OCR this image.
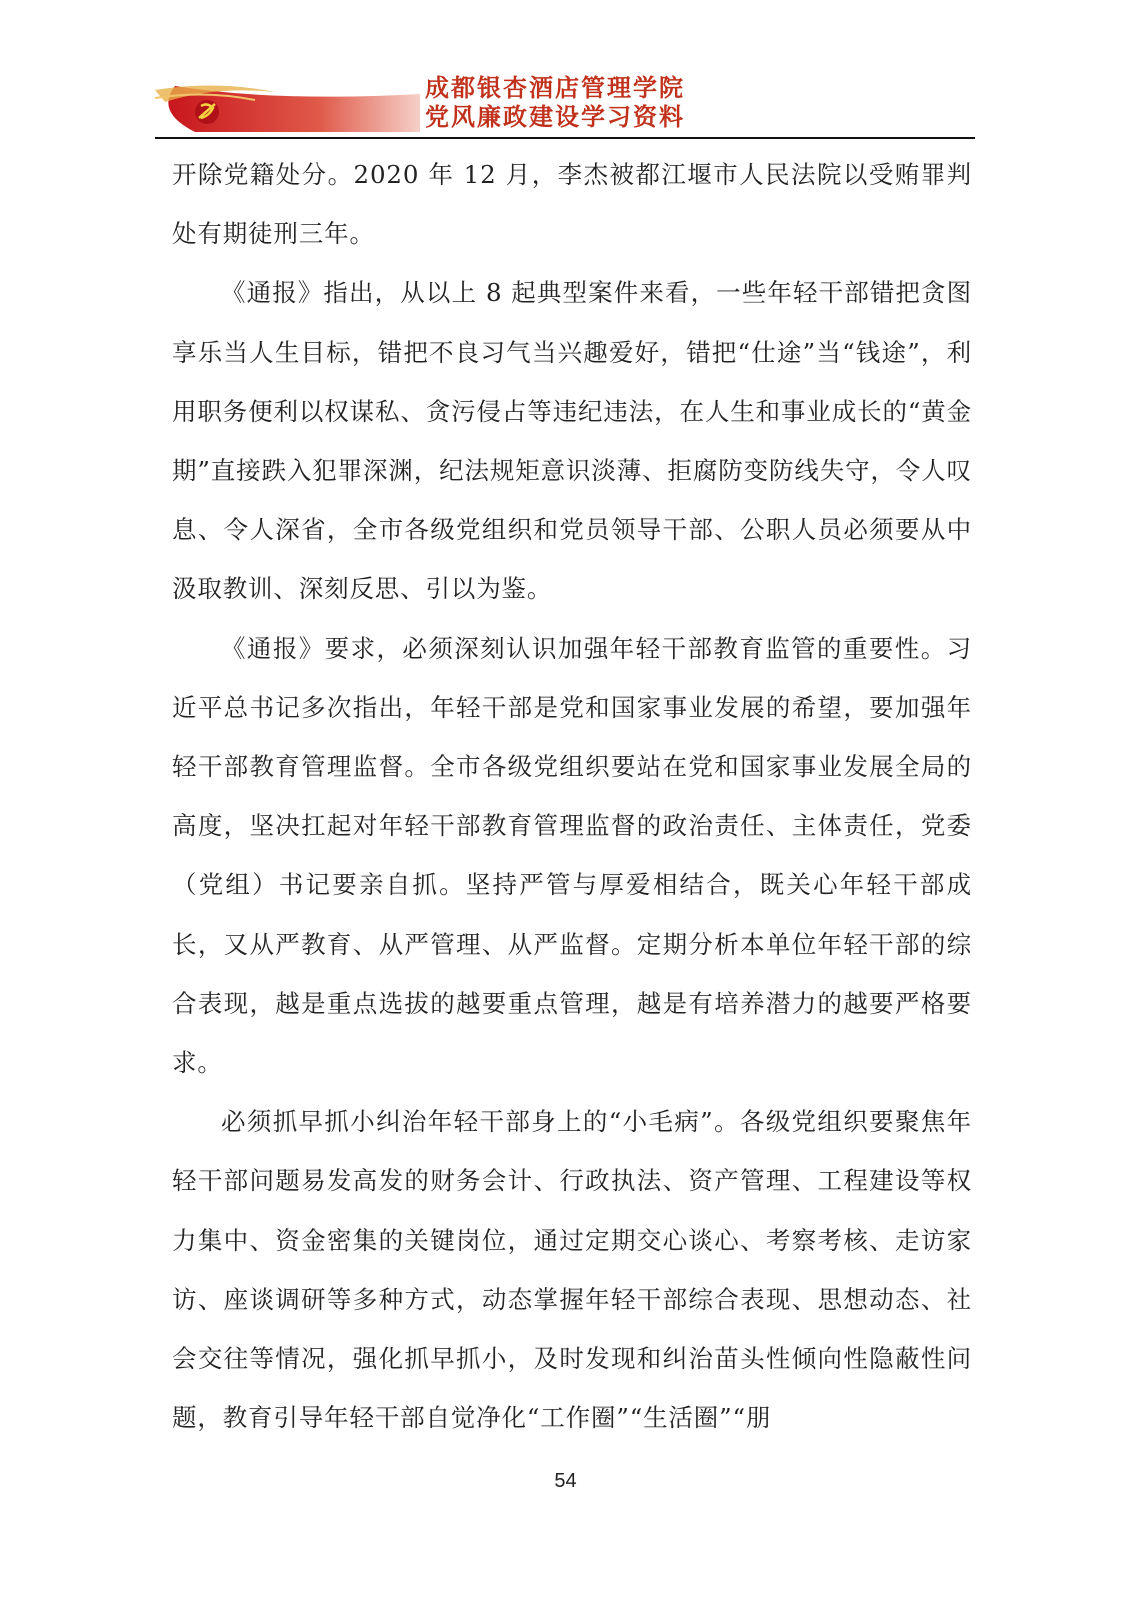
成都银杏酒店管理学院
党风廉政建设学习资料

开除党籍处分。2020 年 12 月，李杰被都江堰市人民法院以受贿罪判处有期徒刑三年。

《通报》指出，从以上 8 起典型案件来看，一些年轻干部错把贪图享乐当人生目标，错把不良习气当兴趣爱好，错把“仕途”当“钱途”，利用职务便利以权谋私、贪污侵占等违纪违法，在人生和事业成长的“黄金期”直接跌入犯罪深渊，纪法规矩意识淡薄、拒腐防变防线失守，令人叹息、令人深省，全市各级党组织和党员领导干部、公职人员必须要从中汲取教训、深刻反思、引以为鉴。

《通报》要求，必须深刻认识加强年轻干部教育监管的重要性。习近平总书记多次指出，年轻干部是党和国家事业发展的希望，要加强年轻干部教育管理监督。全市各级党组织要站在党和国家事业发展全局的高度，坚决扛起对年轻干部教育管理监督的政治责任、主体责任，党委（党组）书记要亲自抓。坚持严管与厚爱相结合，既关心年轻干部成长，又从严教育、从严管理、从严监督。定期分析本单位年轻干部的综合表现，越是重点选拔的越要重点管理，越是有培养潜力的越要严格要求。

必须抓早抓小纠治年轻干部身上的“小毛病”。各级党组织要聚焦年轻干部问题易发高发的财务会计、行政执法、资产管理、工程建设等权力集中、资金密集的关键岗位，通过定期交心谈心、考察考核、走访家访、座谈调研等多种方式，动态掌握年轻干部综合表现、思想动态、社会交往等情况，强化抓早抓小，及时发现和纠治苗头性倾向性隐蔽性问题，教育引导年轻干部自觉净化“工作圈”“生活圈”“朋

54
